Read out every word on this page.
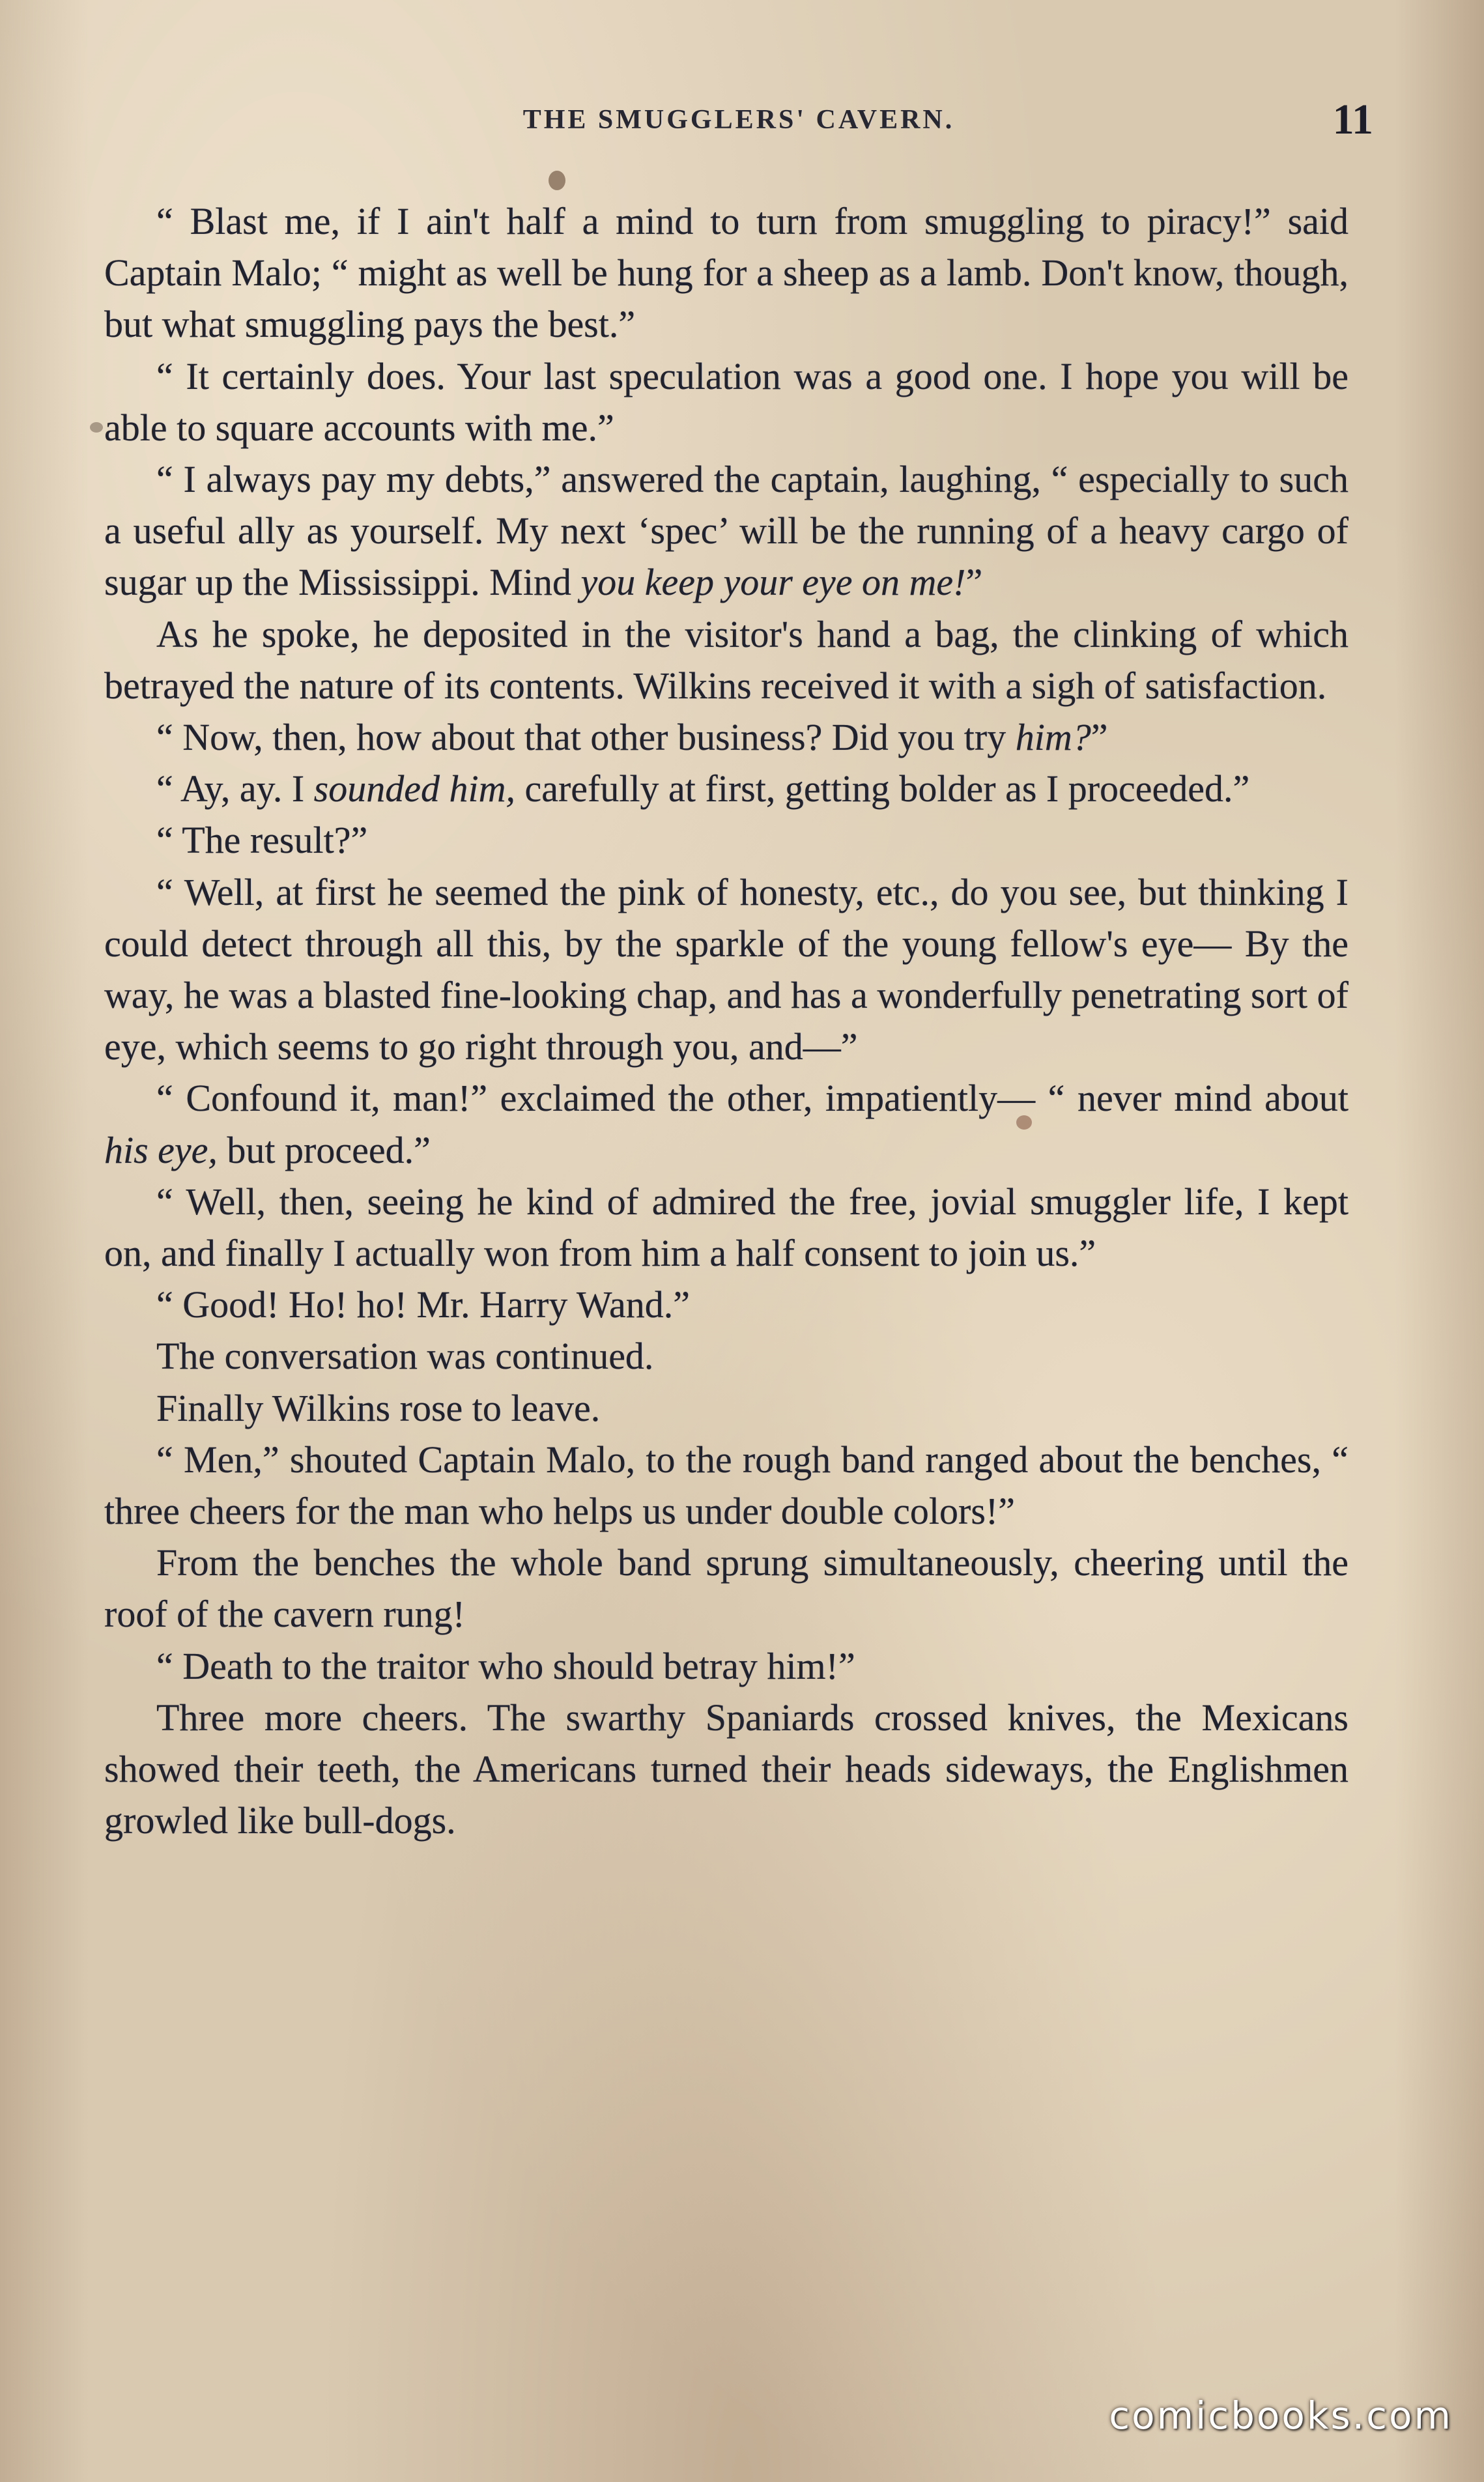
THE SMUGGLERS' CAVERN.	11

“ Blast me, if I ain't half a mind to turn from smuggling to piracy!” said Captain Malo; “ might as well be hung for a sheep as a lamb. Don't know, though, but what smuggling pays the best.”

“ It certainly does. Your last speculation was a good one. I hope you will be able to square accounts with me.”

“ I always pay my debts,” answered the captain, laughing, “ especially to such a useful ally as yourself. My next ‘spec’ will be the running of a heavy cargo of sugar up the Mississippi. Mind you keep your eye on me!”

As he spoke, he deposited in the visitor's hand a bag, the clinking of which betrayed the nature of its contents. Wilkins received it with a sigh of satisfaction.

“ Now, then, how about that other business? Did you try him?”

“ Ay, ay. I sounded him, carefully at first, getting bolder as I proceeded.”

“ The result?”

“ Well, at first he seemed the pink of honesty, etc., do you see, but thinking I could detect through all this, by the sparkle of the young fellow's eye— By the way, he was a blasted fine-looking chap, and has a wonderfully penetrating sort of eye, which seems to go right through you, and—”

“ Confound it, man!” exclaimed the other, impatiently— “ never mind about his eye, but proceed.”

“ Well, then, seeing he kind of admired the free, jovial smuggler life, I kept on, and finally I actually won from him a half consent to join us.”

“ Good! Ho! ho! Mr. Harry Wand.”

The conversation was continued.

Finally Wilkins rose to leave.

“ Men,” shouted Captain Malo, to the rough band ranged about the benches, “ three cheers for the man who helps us under double colors!”

From the benches the whole band sprung simultaneously, cheering until the roof of the cavern rung!

“ Death to the traitor who should betray him!”

Three more cheers. The swarthy Spaniards crossed knives, the Mexicans showed their teeth, the Americans turned their heads sideways, the Englishmen growled like bull-dogs.

comicbooks.com
